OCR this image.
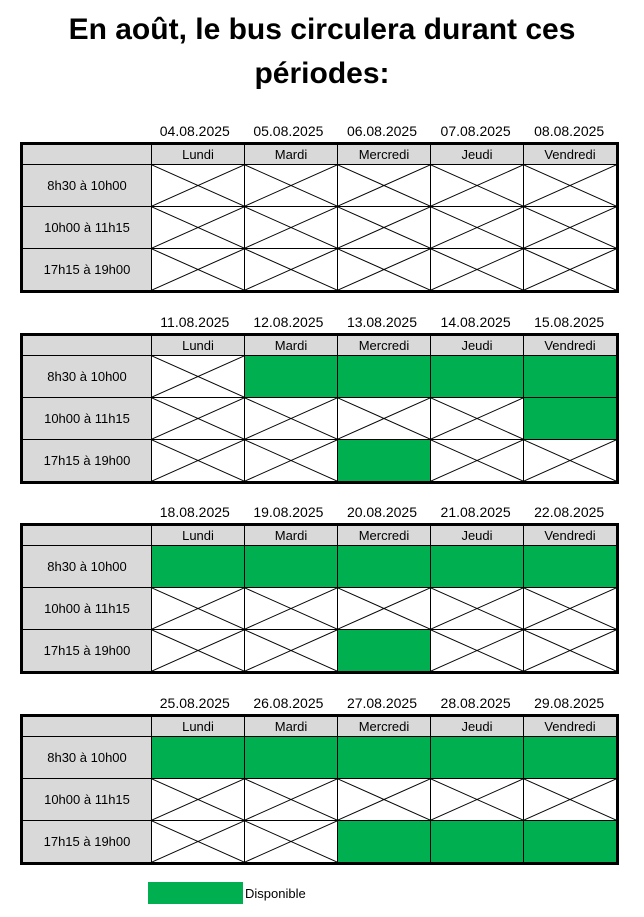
En août, le bus circulera durant ces
périodes:
04.08.2025	05.08.2025	06.08.2025	07.08.2025	08.08.2025
	Lundi	Mardi	Mercredi	Jeudi	Vendredi
8h30 à 10h00	

10h00 à 11h15	

17h15 à 19h00	

11.08.2025	12.08.2025	13.08.2025	14.08.2025	15.08.2025
	Lundi	Mardi	Mercredi	Jeudi	Vendredi
8h30 à 10h00	

10h00 à 11h15	

17h15 à 19h00	

18.08.2025	19.08.2025	20.08.2025	21.08.2025	22.08.2025
	Lundi	Mardi	Mercredi	Jeudi	Vendredi
8h30 à 10h00					
10h00 à 11h15	

17h15 à 19h00	

25.08.2025	26.08.2025	27.08.2025	28.08.2025	29.08.2025
	Lundi	Mardi	Mercredi	Jeudi	Vendredi
8h30 à 10h00					
10h00 à 11h15	

17h15 à 19h00	

Disponible
